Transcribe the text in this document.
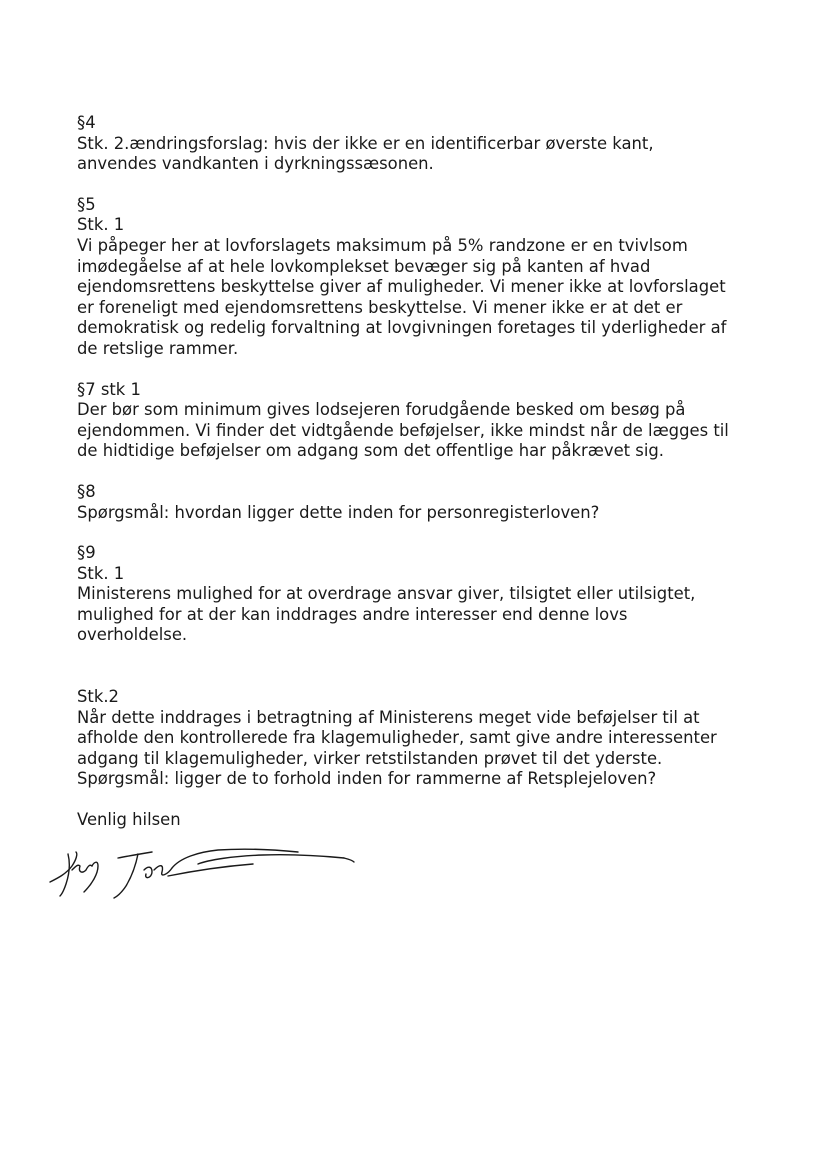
§4
Stk. 2.ændringsforslag: hvis der ikke er en identificerbar øverste kant,
anvendes vandkanten i dyrkningssæsonen.
§5
Stk. 1
Vi påpeger her at lovforslagets maksimum på 5% randzone er en tvivlsom
imødegåelse af at hele lovkomplekset bevæger sig på kanten af hvad
ejendomsrettens beskyttelse giver af muligheder. Vi mener ikke at lovforslaget
er foreneligt med ejendomsrettens beskyttelse. Vi mener ikke er at det er
demokratisk og redelig forvaltning at lovgivningen foretages til yderligheder af
de retslige rammer.
§7 stk 1
Der bør som minimum gives lodsejeren forudgående besked om besøg på
ejendommen. Vi finder det vidtgående beføjelser, ikke mindst når de lægges til
de hidtidige beføjelser om adgang som det offentlige har påkrævet sig.
§8
Spørgsmål: hvordan ligger dette inden for personregisterloven?
§9
Stk. 1
Ministerens mulighed for at overdrage ansvar giver, tilsigtet eller utilsigtet,
mulighed for at der kan inddrages andre interesser end denne lovs
overholdelse.
Stk.2
Når dette inddrages i betragtning af Ministerens meget vide beføjelser til at
afholde den kontrollerede fra klagemuligheder, samt give andre interessenter
adgang til klagemuligheder, virker retstilstanden prøvet til det yderste.
Spørgsmål: ligger de to forhold inden for rammerne af Retsplejeloven?
Venlig hilsen
